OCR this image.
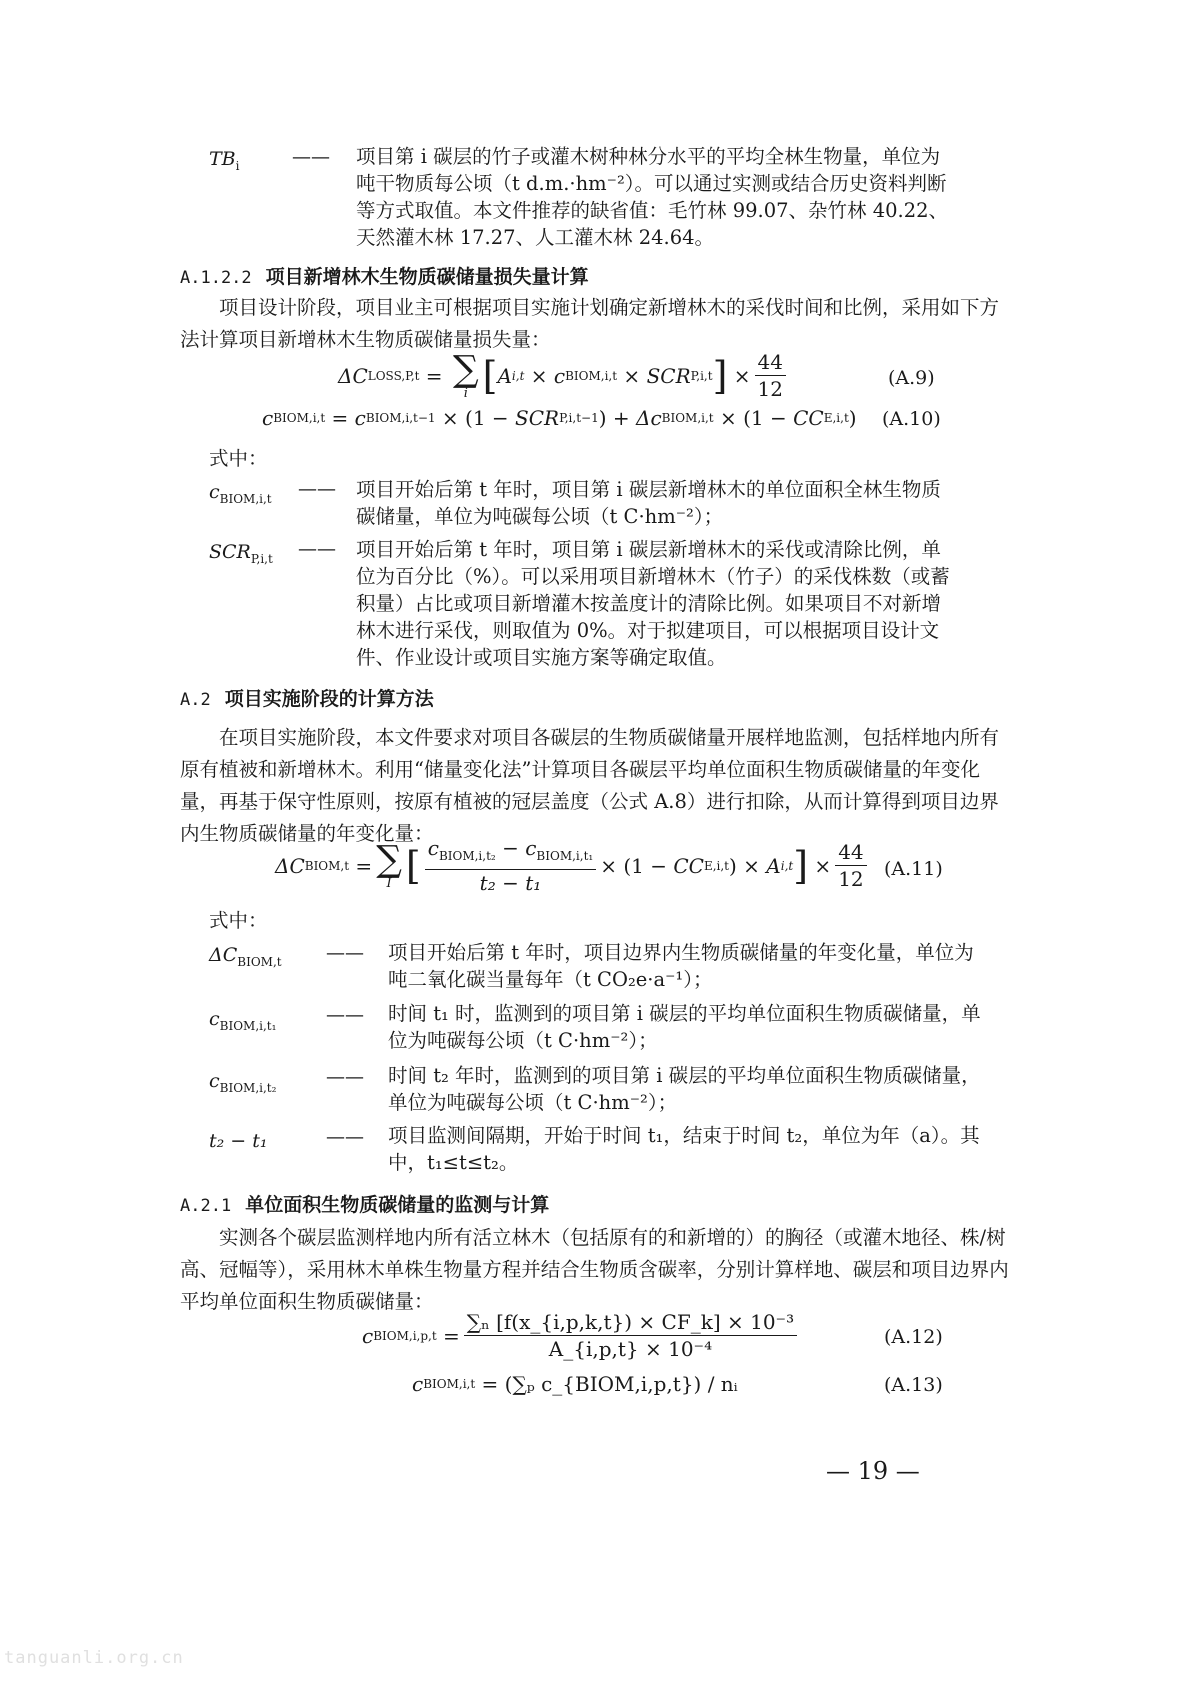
$TB_i$	—— 项目第 i 碳层的竹子或灌木树种林分水平的平均全林生物量，单位为吨干物质每公顷（t d.m.·hm⁻²）。可以通过实测或结合历史资料判断等方式取值。本文件推荐的缺省值：毛竹林 99.07、杂竹林 40.22、天然灌木林 17.27、人工灌木林 24.64。
A.1.2.2 项目新增林木生物质碳储量损失量计算
项目设计阶段，项目业主可根据项目实施计划确定新增林木的采伐时间和比例，采用如下方法计算项目新增林木生物质碳储量损失量：
ΔC LOSS,P,t = ∑
i [ A i,t × c BIOM,i,t × SCR P,i,t ] × $\frac{44}{12}$	(A.9)
c BIOM,i,t = c BIOM,i,t−1 × (1 − SCR P,i,t−1 ) + Δc BIOM,i,t × (1 − CC E,i,t ) (A.10)
式中：
$c_{BIOM,i,t}$ —— 项目开始后第 t 年时，项目第 i 碳层新增林木的单位面积全林生物质碳储量，单位为吨碳每公顷（t C·hm⁻²）；
$SCR_{P,i,t}$ —— 项目开始后第 t 年时，项目第 i 碳层新增林木的采伐或清除比例，单位为百分比（%）。可以采用项目新增林木（竹子）的采伐株数（或蓄积量）占比或项目新增灌木按盖度计的清除比例。如果项目不对新增林木进行采伐，则取值为 0%。对于拟建项目，可以根据项目设计文件、作业设计或项目实施方案等确定取值。
A.2 项目实施阶段的计算方法
在项目实施阶段，本文件要求对项目各碳层的生物质碳储量开展样地监测，包括样地内所有原有植被和新增林木。利用“储量变化法”计算项目各碳层平均单位面积生物质碳储量的年变化量，再基于保守性原则，按原有植被的冠层盖度（公式 A.8）进行扣除，从而计算得到项目边界内生物质碳储量的年变化量：
ΔC BIOM,t = ∑
I [ $\frac{c_{BIOM,i,t_2} - c_{BIOM,i,t_1}}{\text{t₂ − t₁}} \times (1$ − CC E,i,t ) × A i,t ] × $\frac{44}{12} (A.11)$
式中：
$\Delta C_{BIOM,t}$ —— 项目开始后第 t 年时，项目边界内生物质碳储量的年变化量，单位为吨二氧化碳当量每年（t CO₂e·a⁻¹）；
$c_{BIOM,i,t_1}$	—— 时间 t₁ 时，监测到的项目第 i 碳层的平均单位面积生物质碳储量，单位为吨碳每公顷（t C·hm⁻²）；
$c_{BIOM,i,t_2}$	—— 时间 t₂ 年时，监测到的项目第 i 碳层的平均单位面积生物质碳储量，单位为吨碳每公顷（t C·hm⁻²）；
t₂ − t₁	—— 项目监测间隔期，开始于时间 t₁，结束于时间 t₂，单位为年（a）。其中，t₁≤t≤t₂。
A.2.1 单位面积生物质碳储量的监测与计算
实测各个碳层监测样地内所有活立林木（包括原有的和新增的）的胸径（或灌木地径、株/树高、冠幅等），采用林木单株生物量方程并结合生物质含碳率，分别计算样地、碳层和项目边界内平均单位面积生物质碳储量：
c BIOM,i,p,t = $\frac{\text{∑ₙ [f(x\_\{i,p,k,t\}) × CF\_k] × 10⁻³}}{\text{A\_\{i,p,t\} × 10⁻⁴}}$	(A.12)
c BIOM,i,t = (∑ₚ c_{BIOM,i,p,t}) / nᵢ	(A.13)
— 19 —
tanguanli.org.cn
